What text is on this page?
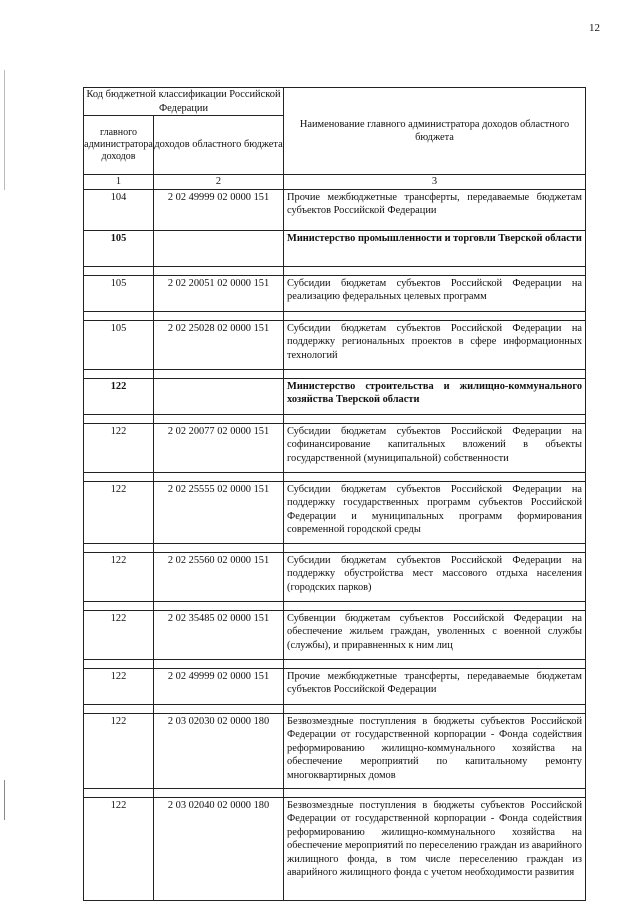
12
Код бюджетной классификации Российской Федерации		Наименование главного администратора доходов областного бюджета
главного администратора доходов	доходов областного бюджета	
1	2	3
104	2 02 49999 02 0000 151	Прочие межбюджетные трансферты, передаваемые бюджетам субъектов Российской Федерации

105		Министерство промышленности и торговли Тверской области

105	2 02 20051 02 0000 151	Субсидии бюджетам субъектов Российской Федерации на реализацию федеральных целевых программ

105	2 02 25028 02 0000 151	Субсидии бюджетам субъектов Российской Федерации на поддержку региональных проектов в сфере информационных технологий

122		Министерство строительства и жилищно-коммунального хозяйства Тверской области

122	2 02 20077 02 0000 151	Субсидии бюджетам субъектов Российской Федерации на софинансирование капитальных вложений в объекты государственной (муниципальной) собственности

122	2 02 25555 02 0000 151	Субсидии бюджетам субъектов Российской Федерации на поддержку государственных программ субъектов Российской Федерации и муниципальных программ формирования современной городской среды

122	2 02 25560 02 0000 151	Субсидии бюджетам субъектов Российской Федерации на поддержку обустройства мест массового отдыха населения (городских парков)

122	2 02 35485 02 0000 151	Субвенции бюджетам субъектов Российской Федерации на обеспечение жильем граждан, уволенных с военной службы (службы), и приравненных к ним лиц

122	2 02 49999 02 0000 151	Прочие межбюджетные трансферты, передаваемые бюджетам субъектов Российской Федерации

122	2 03 02030 02 0000 180	Безвозмездные поступления в бюджеты субъектов Российской Федерации от государственной корпорации - Фонда содействия реформированию жилищно-коммунального хозяйства на обеспечение мероприятий по капитальному ремонту многоквартирных домов

122	2 03 02040 02 0000 180	Безвозмездные поступления в бюджеты субъектов Российской Федерации от государственной корпорации - Фонда содействия реформированию жилищно-коммунального хозяйства на обеспечение мероприятий по переселению граждан из аварийного жилищного фонда, в том числе переселению граждан из аварийного жилищного фонда с учетом необходимости развития
